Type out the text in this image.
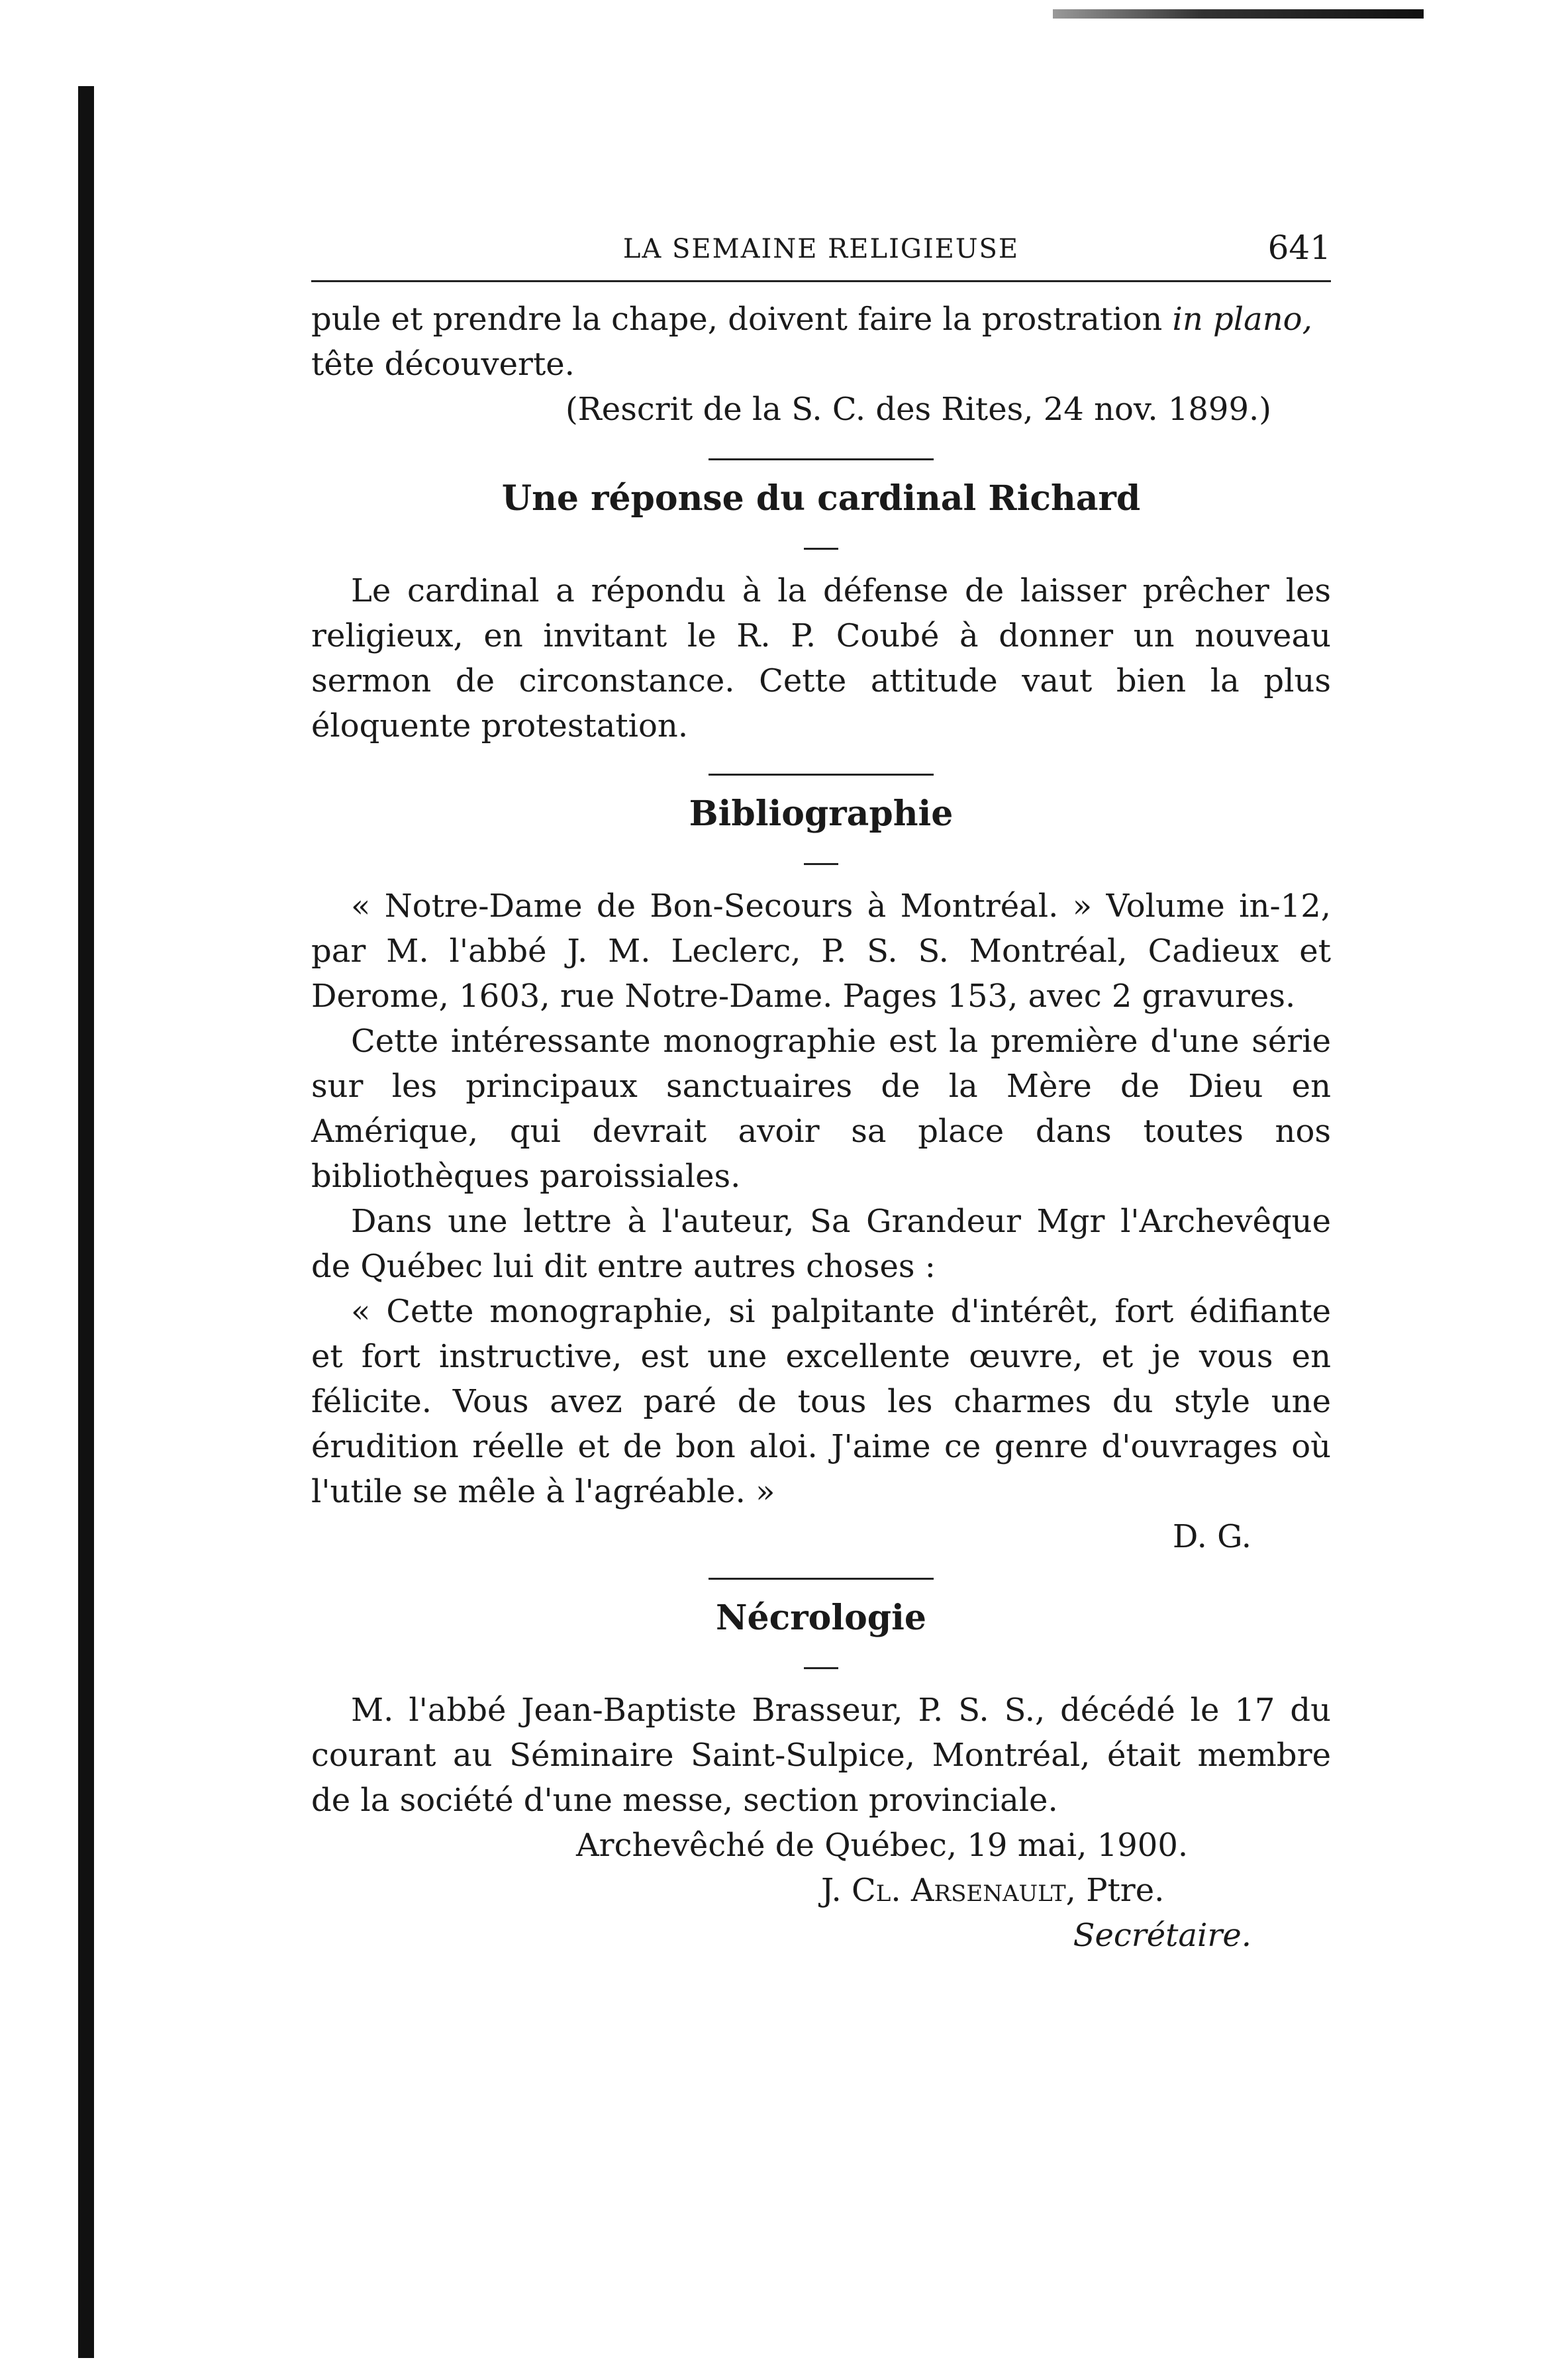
LA SEMAINE RELIGIEUSE	641
pule et prendre la chape, doivent faire la prostration in plano,
tête découverte.
(Rescrit de la S. C. des Rites, 24 nov. 1899.)
Une réponse du cardinal Richard
Le cardinal a répondu à la défense de laisser prêcher les religieux, en invitant le R. P. Coubé à donner un nouveau sermon de circonstance. Cette attitude vaut bien la plus éloquente protestation.
Bibliographie
« Notre-Dame de Bon-Secours à Montréal. » Volume in-12, par M. l'abbé J. M. Leclerc, P. S. S. Montréal, Cadieux et Derome, 1603, rue Notre-Dame. Pages 153, avec 2 gravures.
Cette intéressante monographie est la première d'une série sur les principaux sanctuaires de la Mère de Dieu en Amérique, qui devrait avoir sa place dans toutes nos bibliothèques paroissiales.
Dans une lettre à l'auteur, Sa Grandeur Mgr l'Archevêque de Québec lui dit entre autres choses :
« Cette monographie, si palpitante d'intérêt, fort édifiante et fort instructive, est une excellente œuvre, et je vous en félicite. Vous avez paré de tous les charmes du style une érudition réelle et de bon aloi. J'aime ce genre d'ouvrages où l'utile se mêle à l'agréable. »
D. G.
Nécrologie
M. l'abbé Jean-Baptiste Brasseur, P. S. S., décédé le 17 du courant au Séminaire Saint-Sulpice, Montréal, était membre de la société d'une messe, section provinciale.
Archevêché de Québec, 19 mai, 1900.
J. Cl. Arsenault, Ptre.
Secrétaire.
